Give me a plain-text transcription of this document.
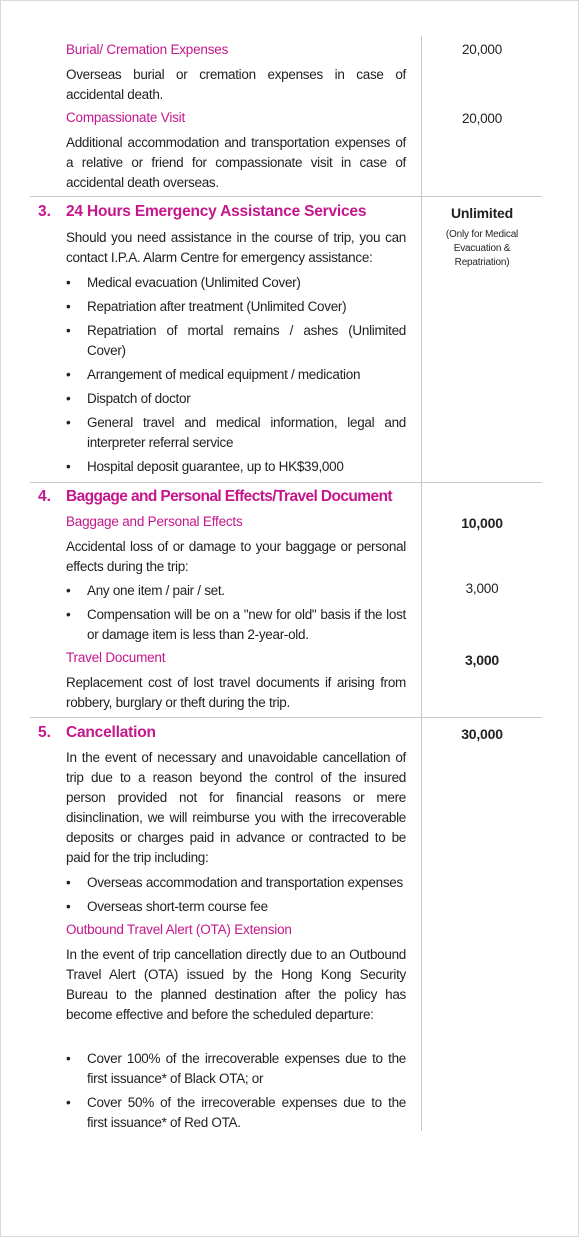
Burial/ Cremation Expenses	20,000

Overseas burial or cremation expenses in case of accidental death.

Compassionate Visit	20,000

Additional accommodation and transportation expenses of a relative or friend for compassionate visit in case of accidental death overseas.

3. 24 Hours Emergency Assistance Services	Unlimited
(Only for Medical Evacuation & Repatriation)

Should you need assistance in the course of trip, you can contact I.P.A. Alarm Centre for emergency assistance:

• Medical evacuation (Unlimited Cover)
• Repatriation after treatment (Unlimited Cover)
• Repatriation of mortal remains / ashes (Unlimited Cover)
• Arrangement of medical equipment / medication
• Dispatch of doctor
• General travel and medical information, legal and interpreter referral service
• Hospital deposit guarantee, up to HK$39,000
4. Baggage and Personal Effects/Travel Document
Baggage and Personal Effects	10,000

Accidental loss of or damage to your baggage or personal effects during the trip:

• Any one item / pair / set.	3,000
• Compensation will be on a "new for old" basis if the lost or damage item is less than 2-year-old.
Travel Document	3,000

Replacement cost of lost travel documents if arising from robbery, burglary or theft during the trip.

5. Cancellation	30,000

In the event of necessary and unavoidable cancellation of trip due to a reason beyond the control of the insured person provided not for financial reasons or mere disinclination, we will reimburse you with the irrecoverable deposits or charges paid in advance or contracted to be paid for the trip including:

• Overseas accommodation and transportation expenses
• Overseas short-term course fee
Outbound Travel Alert (OTA) Extension

In the event of trip cancellation directly due to an Outbound Travel Alert (OTA) issued by the Hong Kong Security Bureau to the planned destination after the policy has become effective and before the scheduled departure:

• Cover 100% of the irrecoverable expenses due to the first issuance* of Black OTA; or
• Cover 50% of the irrecoverable expenses due to the first issuance* of Red OTA.
